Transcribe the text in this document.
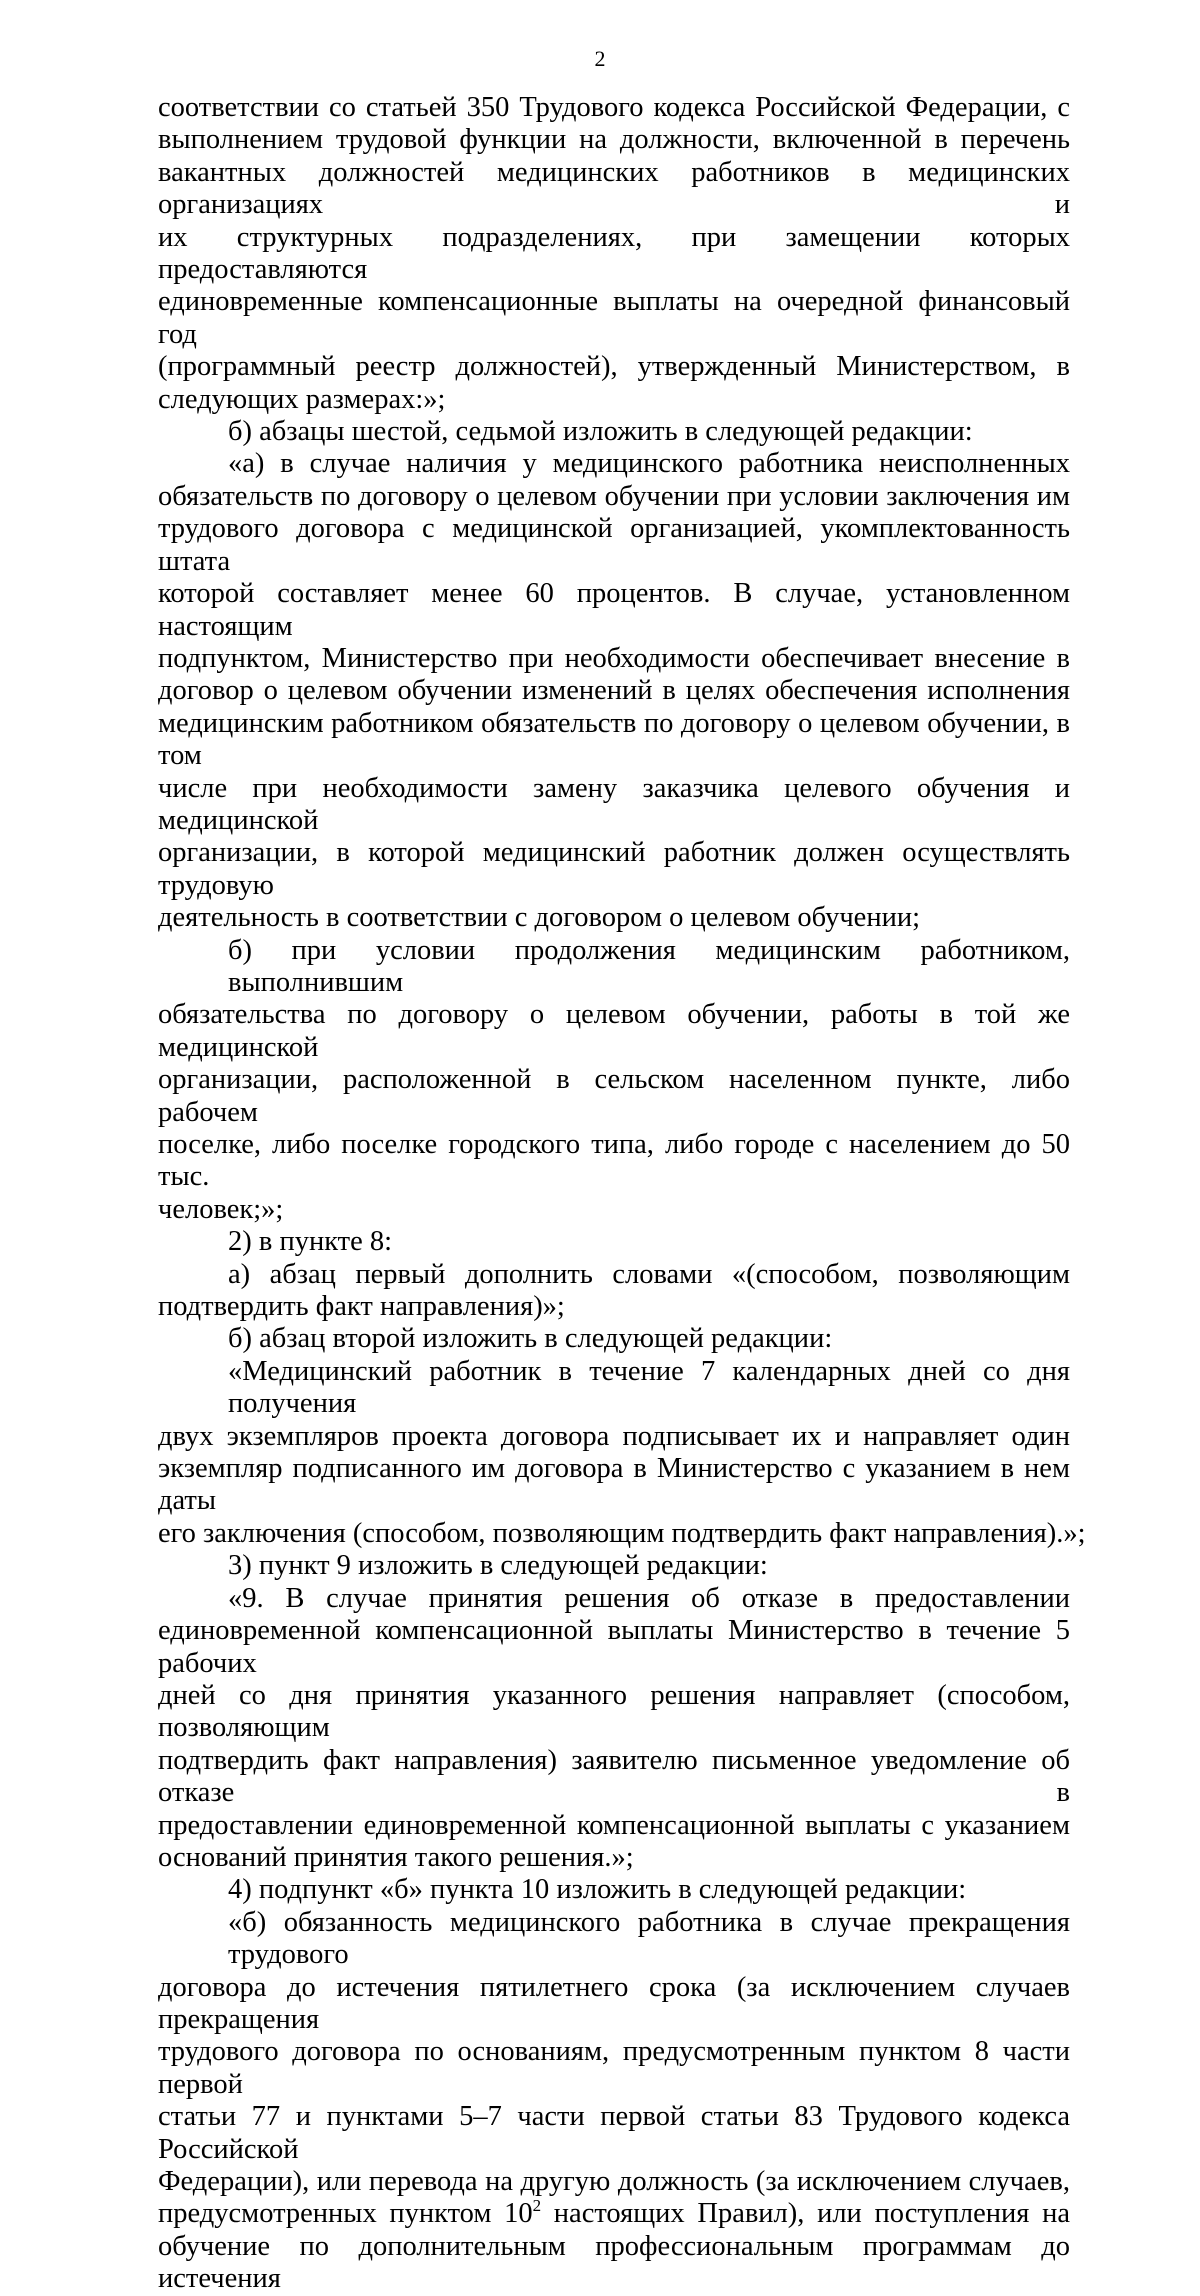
2
соответствии со статьей 350 Трудового кодекса Российской Федерации, с
выполнением трудовой функции на должности, включенной в перечень
вакантных должностей медицинских работников в медицинских организациях и
их структурных подразделениях, при замещении которых предоставляются
единовременные компенсационные выплаты на очередной финансовый год
(программный реестр должностей), утвержденный Министерством, в
следующих размерах:»;
б) абзацы шестой, седьмой изложить в следующей редакции:
«а) в случае наличия у медицинского работника неисполненных
обязательств по договору о целевом обучении при условии заключения им
трудового договора с медицинской организацией, укомплектованность штата
которой составляет менее 60 процентов. В случае, установленном настоящим
подпунктом, Министерство при необходимости обеспечивает внесение в
договор о целевом обучении изменений в целях обеспечения исполнения
медицинским работником обязательств по договору о целевом обучении, в том
числе при необходимости замену заказчика целевого обучения и медицинской
организации, в которой медицинский работник должен осуществлять трудовую
деятельность в соответствии с договором о целевом обучении;
б) при условии продолжения медицинским работником, выполнившим
обязательства по договору о целевом обучении, работы в той же медицинской
организации, расположенной в сельском населенном пункте, либо рабочем
поселке, либо поселке городского типа, либо городе с населением до 50 тыс.
человек;»;
2) в пункте 8:
а) абзац первый дополнить словами «(способом, позволяющим
подтвердить факт направления)»;
б) абзац второй изложить в следующей редакции:
«Медицинский работник в течение 7 календарных дней со дня получения
двух экземпляров проекта договора подписывает их и направляет один
экземпляр подписанного им договора в Министерство с указанием в нем даты
его заключения (способом, позволяющим подтвердить факт направления).»;
3) пункт 9 изложить в следующей редакции:
«9. В случае принятия решения об отказе в предоставлении
единовременной компенсационной выплаты Министерство в течение 5 рабочих
дней со дня принятия указанного решения направляет (способом, позволяющим
подтвердить факт направления) заявителю письменное уведомление об отказе в
предоставлении единовременной компенсационной выплаты с указанием
оснований принятия такого решения.»;
4) подпункт «б» пункта 10 изложить в следующей редакции:
«б) обязанность медицинского работника в случае прекращения трудового
договора до истечения пятилетнего срока (за исключением случаев прекращения
трудового договора по основаниям, предусмотренным пунктом 8 части первой
статьи 77 и пунктами 5–7 части первой статьи 83 Трудового кодекса Российской
Федерации), или перевода на другую должность (за исключением случаев,
предусмотренных пунктом $10^2$ настоящих Правил), или поступления на
обучение по дополнительным профессиональным программам до истечения
